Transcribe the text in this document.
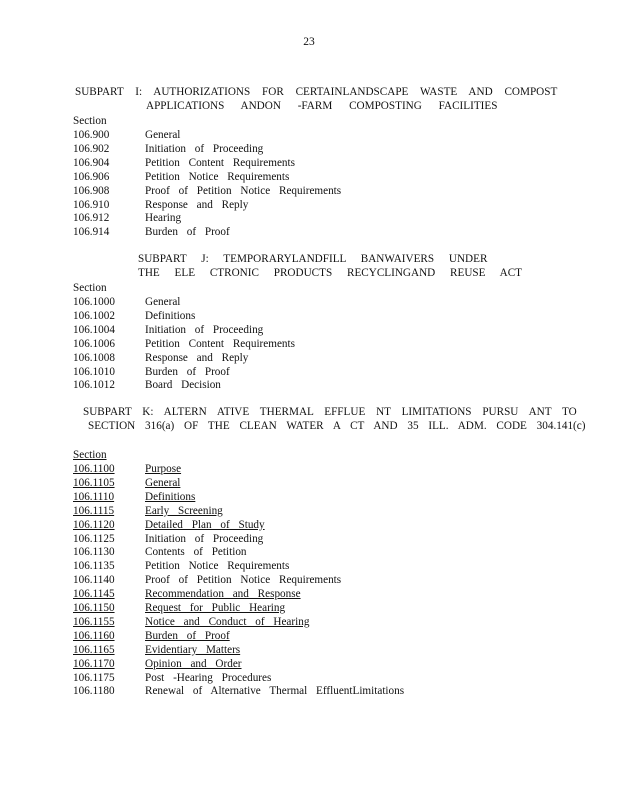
23
SUBPART I: AUTHORIZATIONS FOR CERTAINLANDSCAPE WASTE AND COMPOST
APPLICATIONS ANDON -FARM COMPOSTING FACILITIES
Section
106.900	General
106.902	Initiation of Proceeding
106.904	Petition Content Requirements
106.906	Petition Notice Requirements
106.908	Proof of Petition Notice Requirements
106.910	Response and Reply
106.912	Hearing
106.914	Burden of Proof
SUBPART J: TEMPORARYLANDFILL BANWAIVERS UNDER
THE ELE CTRONIC PRODUCTS RECYCLINGAND REUSE ACT
Section
106.1000	General
106.1002	Definitions
106.1004	Initiation of Proceeding
106.1006	Petition Content Requirements
106.1008	Response and Reply
106.1010	Burden of Proof
106.1012	Board Decision
SUBPART K: ALTERN ATIVE THERMAL EFFLUE NT LIMITATIONS PURSU ANT TO
SECTION 316(a) OF THE CLEAN WATER A CT AND 35 ILL. ADM. CODE 304.141(c)
Section
106.1100	Purpose
106.1105	General
106.1110	Definitions
106.1115	Early Screening
106.1120	Detailed Plan of Study
106.1125	Initiation of Proceeding
106.1130	Contents of Petition
106.1135	Petition Notice Requirements
106.1140	Proof of Petition Notice Requirements
106.1145	Recommendation and Response
106.1150	Request for Public Hearing
106.1155	Notice and Conduct of Hearing
106.1160	Burden of Proof
106.1165	Evidentiary Matters
106.1170	Opinion and Order
106.1175	Post -Hearing Procedures
106.1180	Renewal of Alternative Thermal EffluentLimitations
